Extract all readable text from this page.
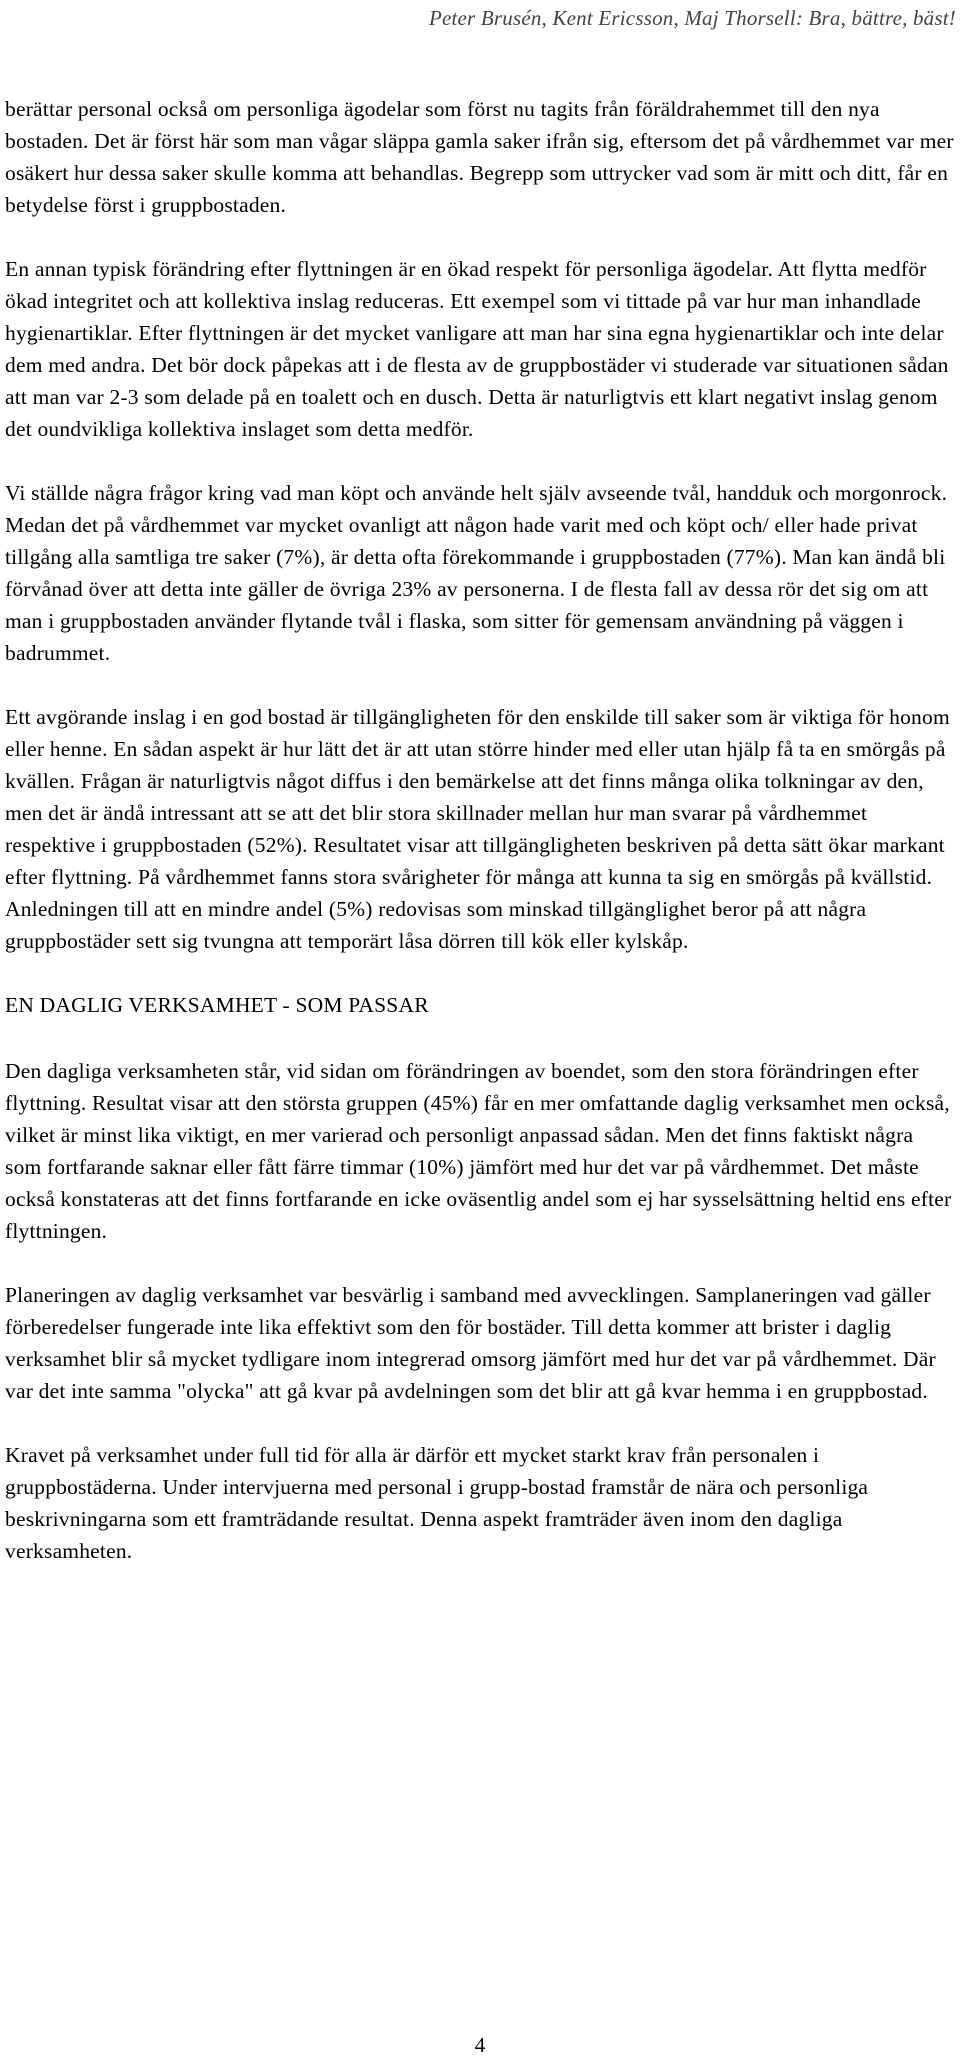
Peter Brusén, Kent Ericsson, Maj Thorsell: Bra, bättre, bäst!

berättar personal också om personliga ägodelar som först nu tagits från föräldrahemmet till den nya bostaden. Det är först här som man vågar släppa gamla saker ifrån sig, eftersom det på vårdhemmet var mer osäkert hur dessa saker skulle komma att behandlas. Begrepp som uttrycker vad som är mitt och ditt, får en betydelse först i gruppbostaden.

En annan typisk förändring efter flyttningen är en ökad respekt för personliga ägodelar. Att flytta medför ökad integritet och att kollektiva inslag reduceras. Ett exempel som vi tittade på var hur man inhandlade hygienartiklar. Efter flyttningen är det mycket vanligare att man har sina egna hygienartiklar och inte delar dem med andra. Det bör dock påpekas att i de flesta av de gruppbostäder vi studerade var situationen sådan att man var 2-3 som delade på en toalett och en dusch. Detta är naturligtvis ett klart negativt inslag genom det oundvikliga kollektiva inslaget som detta medför.

Vi ställde några frågor kring vad man köpt och använde helt själv avseende tvål, handduk och morgonrock. Medan det på vårdhemmet var mycket ovanligt att någon hade varit med och köpt och/ eller hade privat tillgång alla samtliga tre saker (7%), är detta ofta förekommande i gruppbostaden (77%). Man kan ändå bli förvånad över att detta inte gäller de övriga 23% av personerna. I de flesta fall av dessa rör det sig om att man i gruppbostaden använder flytande tvål i flaska, som sitter för gemensam användning på väggen i badrummet.

Ett avgörande inslag i en god bostad är tillgängligheten för den enskilde till saker som är viktiga för honom eller henne. En sådan aspekt är hur lätt det är att utan större hinder med eller utan hjälp få ta en smörgås på kvällen. Frågan är naturligtvis något diffus i den bemärkelse att det finns många olika tolkningar av den, men det är ändå intressant att se att det blir stora skillnader mellan hur man svarar på vårdhemmet respektive i gruppbostaden (52%). Resultatet visar att tillgängligheten beskriven på detta sätt ökar markant efter flyttning. På vårdhemmet fanns stora svårigheter för många att kunna ta sig en smörgås på kvällstid. Anledningen till att en mindre andel (5%) redovisas som minskad tillgänglighet beror på att några gruppbostäder sett sig tvungna att temporärt låsa dörren till kök eller kylskåp.

EN DAGLIG VERKSAMHET - SOM PASSAR

Den dagliga verksamheten står, vid sidan om förändringen av boendet, som den stora förändringen efter flyttning. Resultat visar att den största gruppen (45%) får en mer omfattande daglig verksamhet men också, vilket är minst lika viktigt, en mer varierad och personligt anpassad sådan. Men det finns faktiskt några som fortfarande saknar eller fått färre timmar (10%) jämfört med hur det var på vårdhemmet. Det måste också konstateras att det finns fortfarande en icke oväsentlig andel som ej har sysselsättning heltid ens efter flyttningen.

Planeringen av daglig verksamhet var besvärlig i samband med avvecklingen. Samplaneringen vad gäller förberedelser fungerade inte lika effektivt som den för bostäder. Till detta kommer att brister i daglig verksamhet blir så mycket tydligare inom integrerad omsorg jämfört med hur det var på vårdhemmet. Där var det inte samma "olycka" att gå kvar på avdelningen som det blir att gå kvar hemma i en gruppbostad.

Kravet på verksamhet under full tid för alla är därför ett mycket starkt krav från personalen i gruppbostäderna. Under intervjuerna med personal i grupp-bostad framstår de nära och personliga beskrivningarna som ett framträdande resultat. Denna aspekt framträder även inom den dagliga verksamheten.

4
